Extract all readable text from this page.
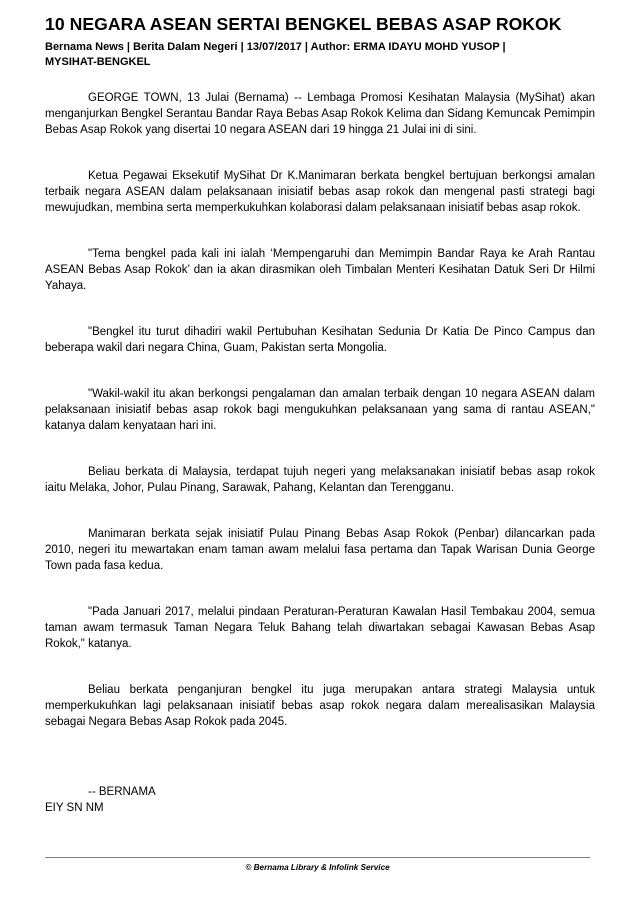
10 NEGARA ASEAN SERTAI BENGKEL BEBAS ASAP ROKOK
Bernama News | Berita Dalam Negeri | 13/07/2017 | Author: ERMA IDAYU MOHD YUSOP |
MYSIHAT-BENGKEL

GEORGE TOWN, 13 Julai (Bernama) -- Lembaga Promosi Kesihatan Malaysia (MySihat) akan menganjurkan Bengkel Serantau Bandar Raya Bebas Asap Rokok Kelima dan Sidang Kemuncak Pemimpin Bebas Asap Rokok yang disertai 10 negara ASEAN dari 19 hingga 21 Julai ini di sini.

Ketua Pegawai Eksekutif MySihat Dr K.Manimaran berkata bengkel bertujuan berkongsi amalan terbaik negara ASEAN dalam pelaksanaan inisiatif bebas asap rokok dan mengenal pasti strategi bagi mewujudkan, membina serta memperkukuhkan kolaborasi dalam pelaksanaan inisiatif bebas asap rokok.

"Tema bengkel pada kali ini ialah ‘Mempengaruhi dan Memimpin Bandar Raya ke Arah Rantau ASEAN Bebas Asap Rokok’ dan ia akan dirasmikan oleh Timbalan Menteri Kesihatan Datuk Seri Dr Hilmi Yahaya.

"Bengkel itu turut dihadiri wakil Pertubuhan Kesihatan Sedunia Dr Katia De Pinco Campus dan beberapa wakil dari negara China, Guam, Pakistan serta Mongolia.

"Wakil-wakil itu akan berkongsi pengalaman dan amalan terbaik dengan 10 negara ASEAN dalam pelaksanaan inisiatif bebas asap rokok bagi mengukuhkan pelaksanaan yang sama di rantau ASEAN," katanya dalam kenyataan hari ini.

Beliau berkata di Malaysia, terdapat tujuh negeri yang melaksanakan inisiatif bebas asap rokok iaitu Melaka, Johor, Pulau Pinang, Sarawak, Pahang, Kelantan dan Terengganu.

Manimaran berkata sejak inisiatif Pulau Pinang Bebas Asap Rokok (Penbar) dilancarkan pada 2010, negeri itu mewartakan enam taman awam melalui fasa pertama dan Tapak Warisan Dunia George Town pada fasa kedua.

"Pada Januari 2017, melalui pindaan Peraturan-Peraturan Kawalan Hasil Tembakau 2004, semua taman awam termasuk Taman Negara Teluk Bahang telah diwartakan sebagai Kawasan Bebas Asap Rokok," katanya.

Beliau berkata penganjuran bengkel itu juga merupakan antara strategi Malaysia untuk memperkukuhkan lagi pelaksanaan inisiatif bebas asap rokok negara dalam merealisasikan Malaysia sebagai Negara Bebas Asap Rokok pada 2045.

-- BERNAMA
EIY SN NM
© Bernama Library & Infolink Service
